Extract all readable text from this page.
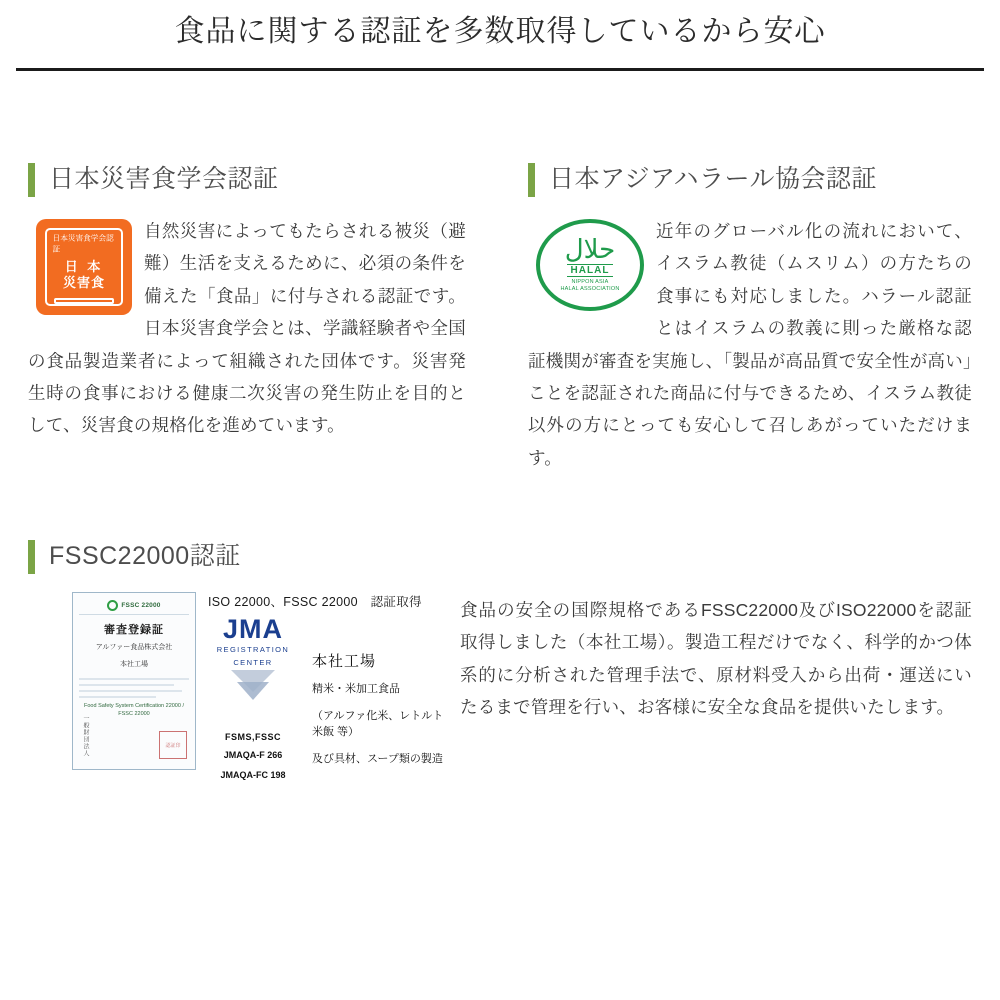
食品に関する認証を多数取得しているから安心
日本災害食学会認証
日本災害食学会認証
日 本
災害食
自然災害によってもたらされる被災（避難）生活を支えるために、必須の条件を備えた「食品」に付与される認証です。日本災害食学会とは、学識経験者や全国の食品製造業者によって組織された団体です。災害発生時の食事における健康二次災害の発生防止を目的として、災害食の規格化を進めています。
日本アジアハラール協会認証
حلال
HALAL
NIPPON ASIA
HALAL ASSOCIATION
近年のグローバル化の流れにおいて、イスラム教徒（ムスリム）の方たちの食事にも対応しました。ハラール認証とはイスラムの教義に則った厳格な認証機関が審査を実施し、「製品が高品質で安全性が高い」ことを認証された商品に付与できるため、イスラム教徒以外の方にとっても安心して召しあがっていただけます。
FSSC22000認証
FSSC 22000
審査登録証
アルファー食品株式会社
本社工場
Food Safety System Certification 22000 / FSSC 22000
一般財団法人	認証印
ISO 22000、FSSC 22000　認証取得
JMA
REGISTRATION
CENTER
FSMS,FSSC
JMAQA-F 266
JMAQA-FC 198
本社工場
精米・米加工食品
（アルファ化米、レトルト米飯 等）
及び具材、スープ類の製造
食品の安全の国際規格であるFSSC22000及びISO22000を認証取得しました（本社工場）。製造工程だけでなく、科学的かつ体系的に分析された管理手法で、原材料受入から出荷・運送にいたるまで管理を行い、お客様に安全な食品を提供いたします。
